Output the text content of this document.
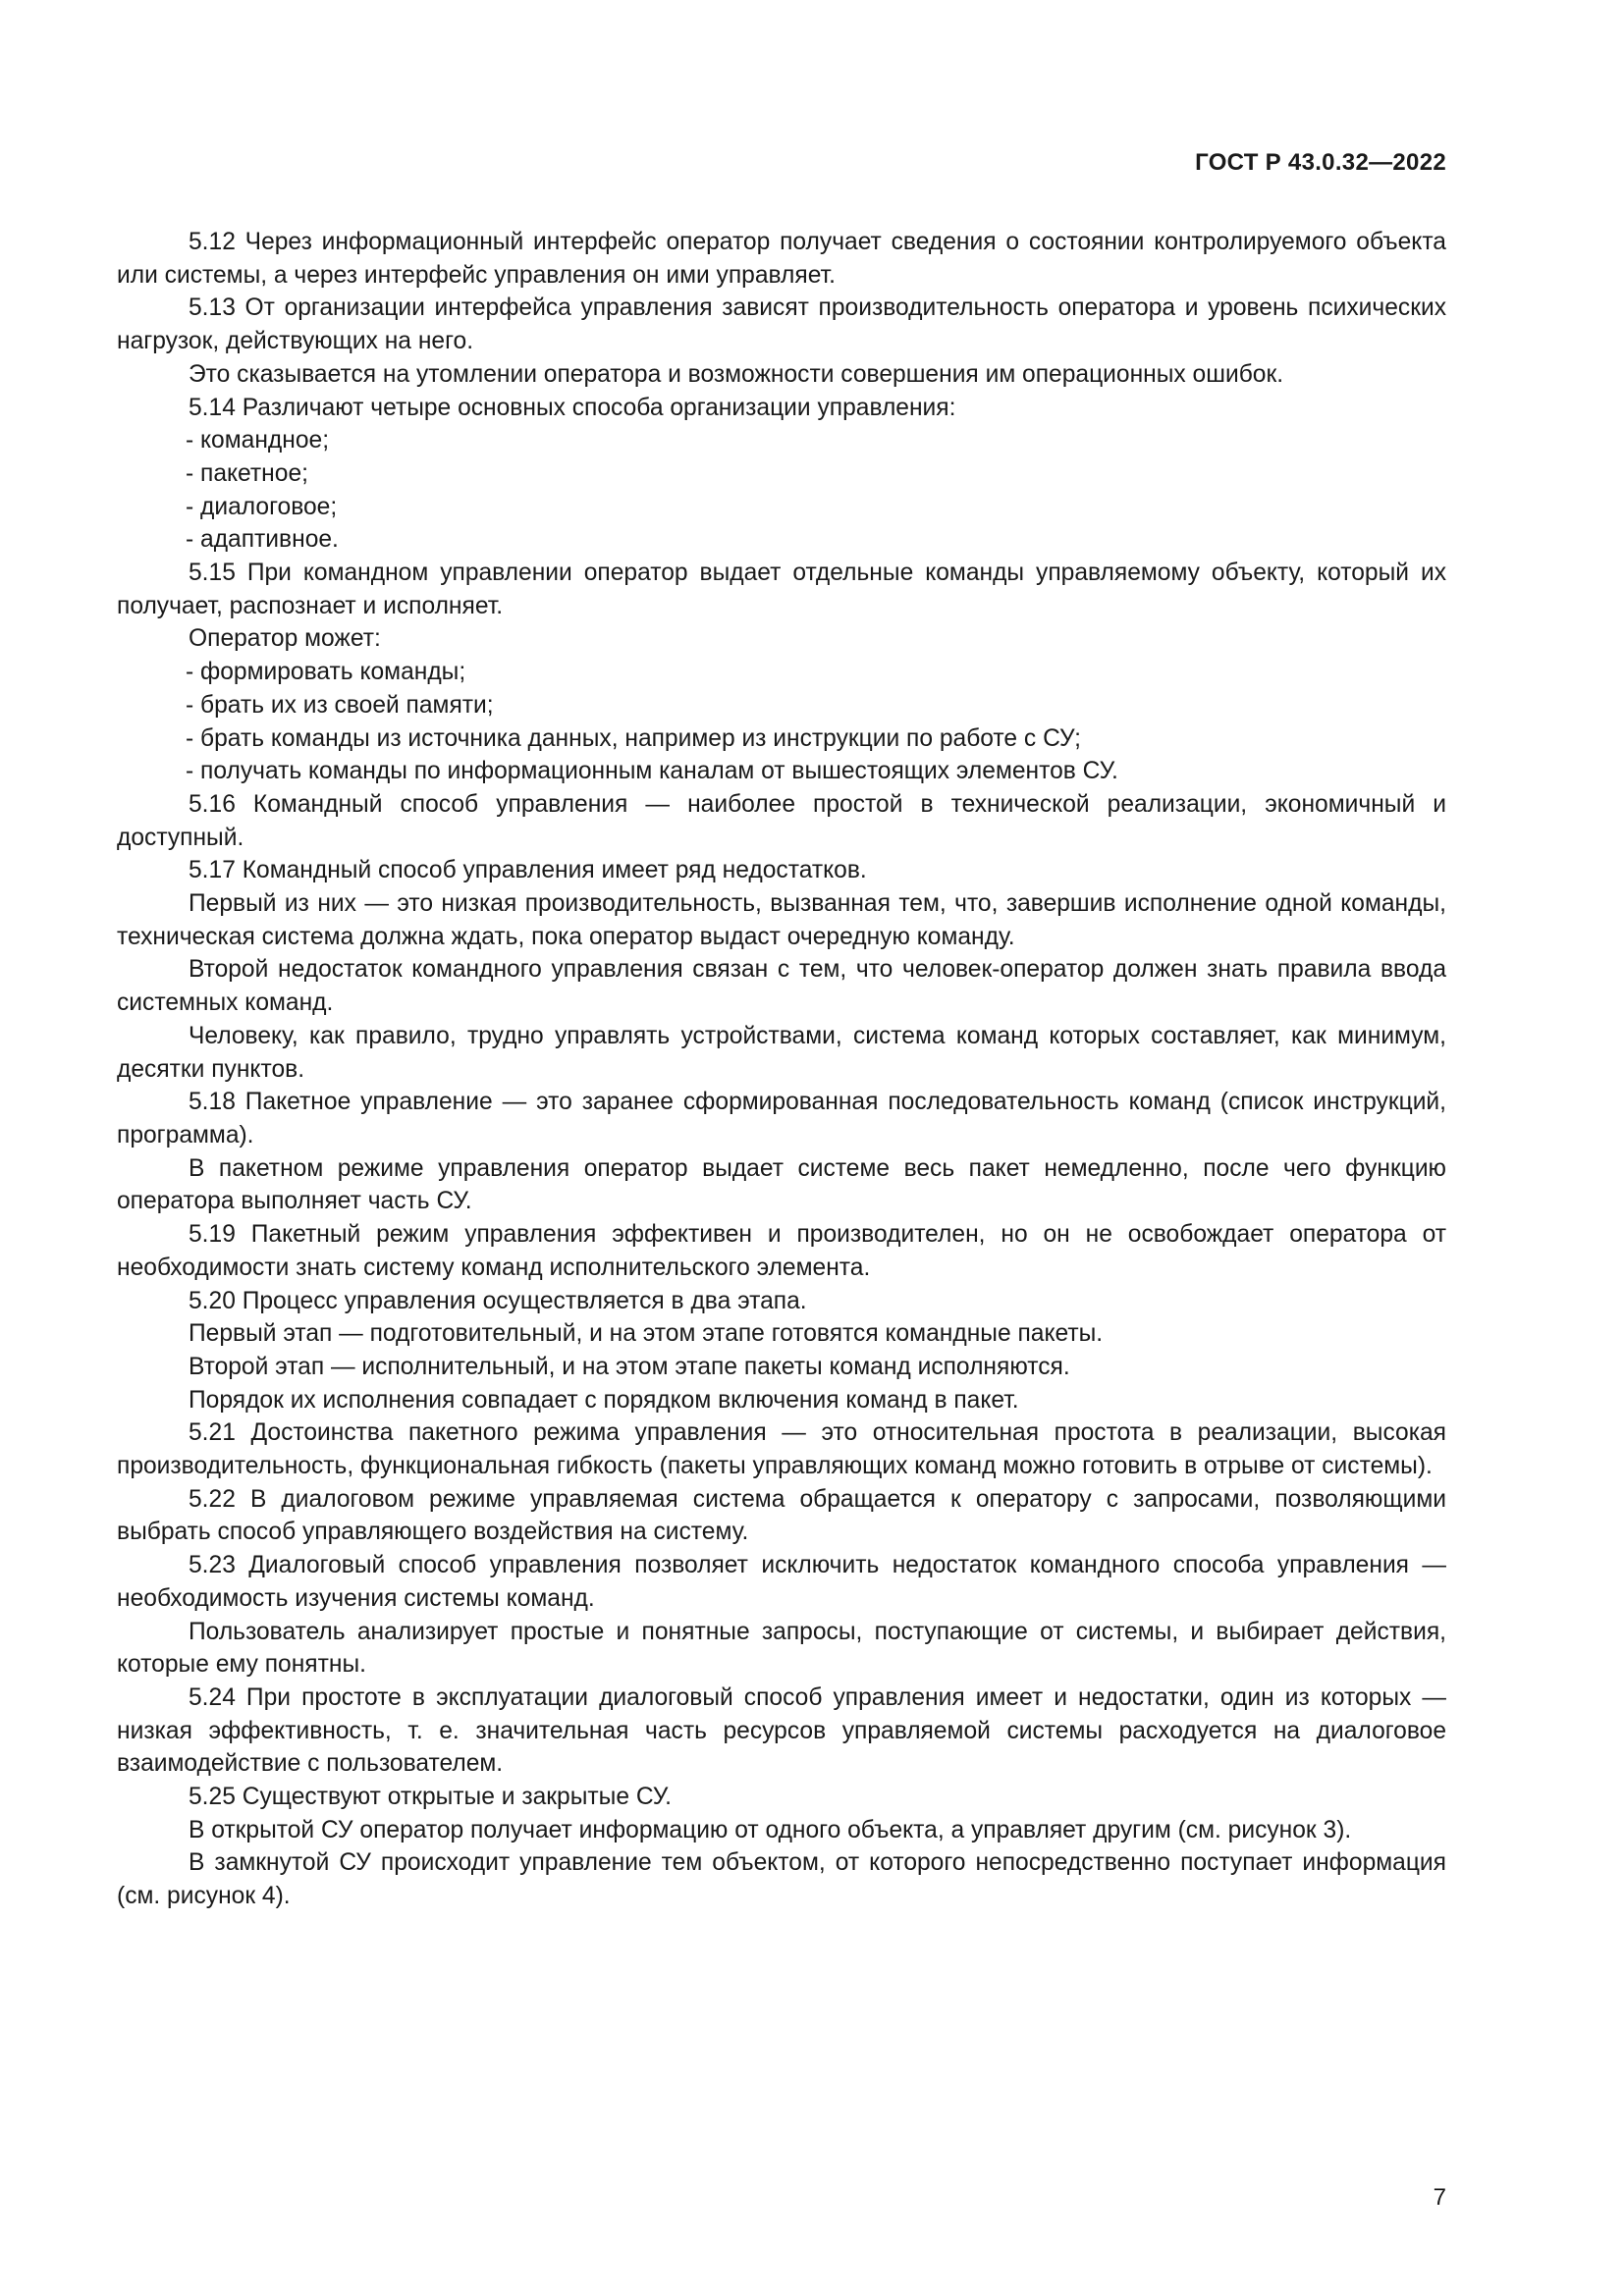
ГОСТ Р 43.0.32—2022

5.12 Через информационный интерфейс оператор получает сведения о состоянии контролируемого объекта или системы, а через интерфейс управления он ими управляет.

5.13 От организации интерфейса управления зависят производительность оператора и уровень психических нагрузок, действующих на него.

Это сказывается на утомлении оператора и возможности совершения им операционных ошибок.

5.14 Различают четыре основных способа организации управления:

- командное;

- пакетное;

- диалоговое;

- адаптивное.

5.15 При командном управлении оператор выдает отдельные команды управляемому объекту, который их получает, распознает и исполняет.

Оператор может:

- формировать команды;

- брать их из своей памяти;

- брать команды из источника данных, например из инструкции по работе с СУ;

- получать команды по информационным каналам от вышестоящих элементов СУ.

5.16 Командный способ управления — наиболее простой в технической реализации, экономичный и доступный.

5.17 Командный способ управления имеет ряд недостатков.

Первый из них — это низкая производительность, вызванная тем, что, завершив исполнение одной команды, техническая система должна ждать, пока оператор выдаст очередную команду.

Второй недостаток командного управления связан с тем, что человек-оператор должен знать правила ввода системных команд.

Человеку, как правило, трудно управлять устройствами, система команд которых составляет, как минимум, десятки пунктов.

5.18 Пакетное управление — это заранее сформированная последовательность команд (список инструкций, программа).

В пакетном режиме управления оператор выдает системе весь пакет немедленно, после чего функцию оператора выполняет часть СУ.

5.19 Пакетный режим управления эффективен и производителен, но он не освобождает оператора от необходимости знать систему команд исполнительского элемента.

5.20 Процесс управления осуществляется в два этапа.

Первый этап — подготовительный, и на этом этапе готовятся командные пакеты.

Второй этап — исполнительный, и на этом этапе пакеты команд исполняются.

Порядок их исполнения совпадает с порядком включения команд в пакет.

5.21 Достоинства пакетного режима управления — это относительная простота в реализации, высокая производительность, функциональная гибкость (пакеты управляющих команд можно готовить в отрыве от системы).

5.22 В диалоговом режиме управляемая система обращается к оператору с запросами, позволяющими выбрать способ управляющего воздействия на систему.

5.23 Диалоговый способ управления позволяет исключить недостаток командного способа управления — необходимость изучения системы команд.

Пользователь анализирует простые и понятные запросы, поступающие от системы, и выбирает действия, которые ему понятны.

5.24 При простоте в эксплуатации диалоговый способ управления имеет и недостатки, один из которых — низкая эффективность, т. е. значительная часть ресурсов управляемой системы расходуется на диалоговое взаимодействие с пользователем.

5.25 Существуют открытые и закрытые СУ.

В открытой СУ оператор получает информацию от одного объекта, а управляет другим (см. рисунок 3).

В замкнутой СУ происходит управление тем объектом, от которого непосредственно поступает информация (см. рисунок 4).

7
